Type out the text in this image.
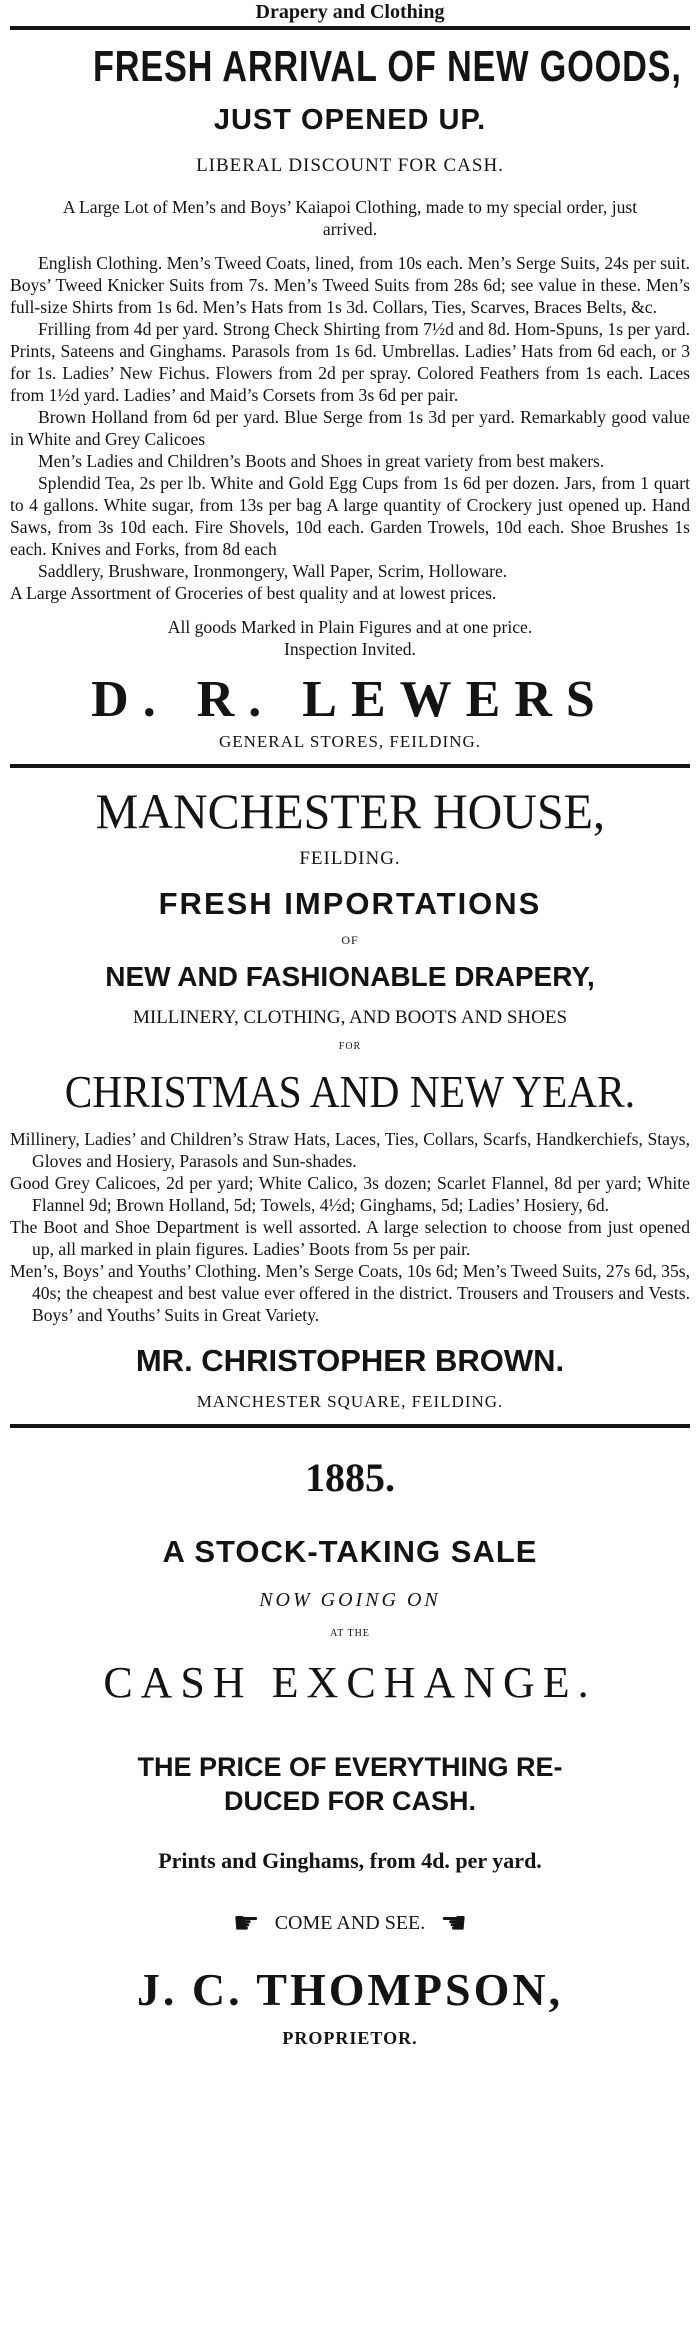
Drapery and Clothing
FRESH ARRIVAL OF NEW GOODS,
JUST OPENED UP.
LIBERAL DISCOUNT FOR CASH.
A Large Lot of Men’s and Boys’ Kaiapoi Clothing, made to my special order, just arrived.

English Clothing. Men’s Tweed Coats, lined, from 10s each. Men’s Serge Suits, 24s per suit. Boys’ Tweed Knicker Suits from 7s. Men’s Tweed Suits from 28s 6d; see value in these. Men’s full-size Shirts from 1s 6d. Men’s Hats from 1s 3d. Collars, Ties, Scarves, Braces Belts, &c.

Frilling from 4d per yard. Strong Check Shirting from 7½d and 8d. Hom-Spuns, 1s per yard. Prints, Sateens and Ginghams. Parasols from 1s 6d. Umbrellas. Ladies’ Hats from 6d each, or 3 for 1s. Ladies’ New Fichus. Flowers from 2d per spray. Colored Feathers from 1s each. Laces from 1½d yard. Ladies’ and Maid’s Corsets from 3s 6d per pair.

Brown Holland from 6d per yard. Blue Serge from 1s 3d per yard. Remarkably good value in White and Grey Calicoes

Men’s Ladies and Children’s Boots and Shoes in great variety from best makers.

Splendid Tea, 2s per lb. White and Gold Egg Cups from 1s 6d per dozen. Jars, from 1 quart to 4 gallons. White sugar, from 13s per bag A large quantity of Crockery just opened up. Hand Saws, from 3s 10d each. Fire Shovels, 10d each. Garden Trowels, 10d each. Shoe Brushes 1s each. Knives and Forks, from 8d each

Saddlery, Brushware, Ironmongery, Wall Paper, Scrim, Holloware.

A Large Assortment of Groceries of best quality and at lowest prices.

All goods Marked in Plain Figures and at one price.
Inspection Invited.
D. R. LEWERS
GENERAL STORES, FEILDING.
MANCHESTER HOUSE,
FEILDING.
FRESH IMPORTATIONS
OF
NEW AND FASHIONABLE DRAPERY,
MILLINERY, CLOTHING, AND BOOTS AND SHOES
FOR
CHRISTMAS AND NEW YEAR.

Millinery, Ladies’ and Children’s Straw Hats, Laces, Ties, Collars, Scarfs, Handkerchiefs, Stays, Gloves and Hosiery, Parasols and Sun-shades.

Good Grey Calicoes, 2d per yard; White Calico, 3s dozen; Scarlet Flannel, 8d per yard; White Flannel 9d; Brown Holland, 5d; Towels, 4½d; Ginghams, 5d; Ladies’ Hosiery, 6d.

The Boot and Shoe Department is well assorted. A large selection to choose from just opened up, all marked in plain figures. Ladies’ Boots from 5s per pair.

Men’s, Boys’ and Youths’ Clothing. Men’s Serge Coats, 10s 6d; Men’s Tweed Suits, 27s 6d, 35s, 40s; the cheapest and best value ever offered in the district. Trousers and Trousers and Vests. Boys’ and Youths’ Suits in Great Variety.

MR. CHRISTOPHER BROWN.
MANCHESTER SQUARE, FEILDING.
1885.
A STOCK-TAKING SALE
NOW GOING ON
AT THE
CASH EXCHANGE.
THE PRICE OF EVERYTHING RE-
DUCED FOR CASH.
Prints and Ginghams, from 4d. per yard.
☛ COME AND SEE. ☚
J. C. THOMPSON,
PROPRIETOR.
